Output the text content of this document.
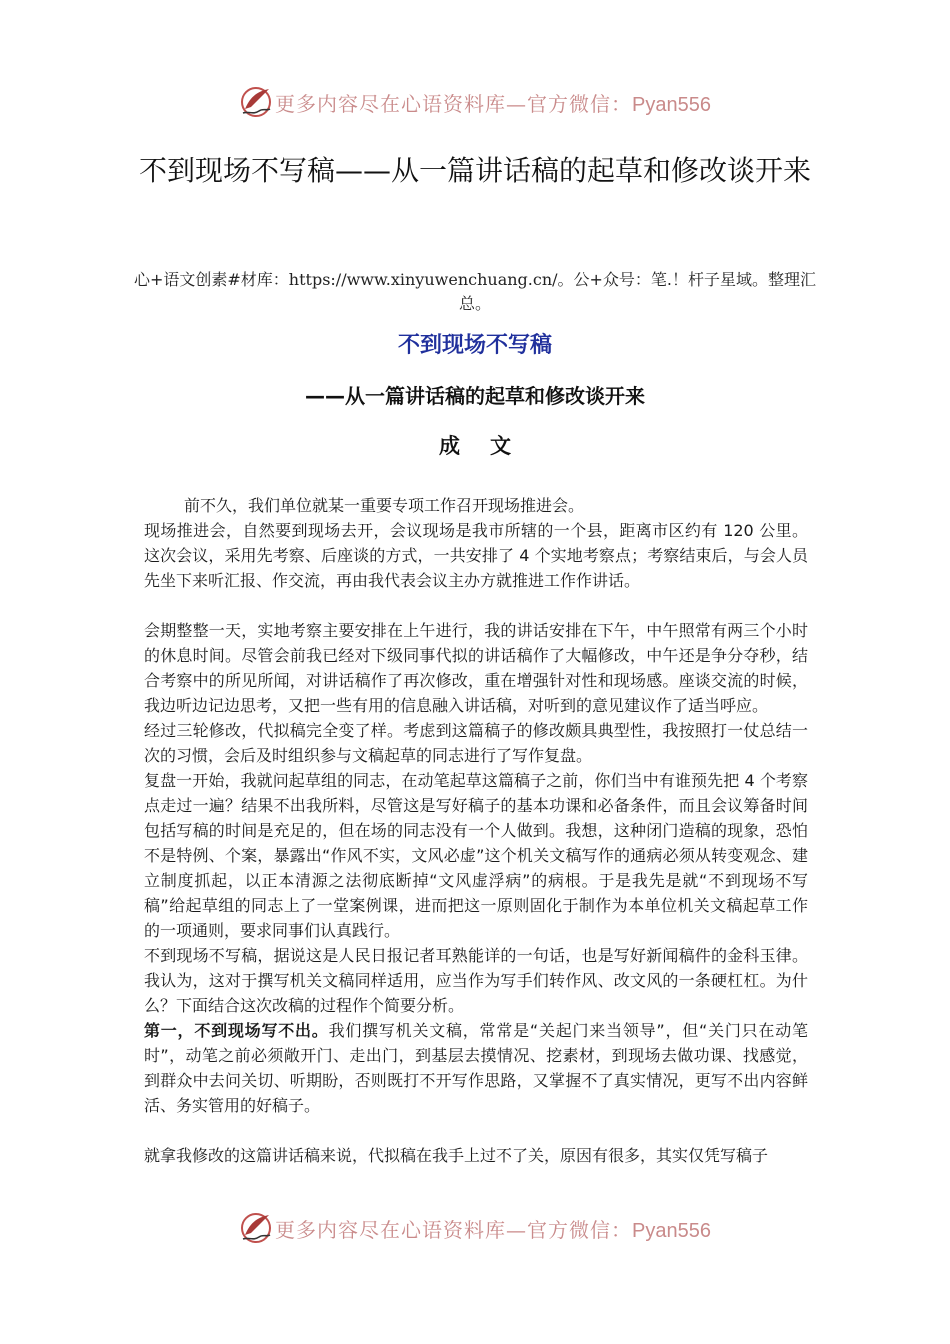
更多内容尽在心语资料库—官方微信：Pyan556
不到现场不写稿——从一篇讲话稿的起草和修改谈开来
心+语文创素#材库：https://www.xinyuwenchuang.cn/。公+众号：笔.！杆子星域。整理汇总。
不到现场不写稿
——从一篇讲话稿的起草和修改谈开来
成文

前不久，我们单位就某一重要专项工作召开现场推进会。

现场推进会，自然要到现场去开，会议现场是我市所辖的一个县，距离市区约有 120 公里。这次会议，采用先考察、后座谈的方式，一共安排了 4 个实地考察点；考察结束后，与会人员先坐下来听汇报、作交流，再由我代表会议主办方就推进工作作讲话。

会期整整一天，实地考察主要安排在上午进行，我的讲话安排在下午，中午照常有两三个小时的休息时间。尽管会前我已经对下级同事代拟的讲话稿作了大幅修改，中午还是争分夺秒，结合考察中的所见所闻，对讲话稿作了再次修改，重在增强针对性和现场感。座谈交流的时候，我边听边记边思考，又把一些有用的信息融入讲话稿，对听到的意见建议作了适当呼应。

经过三轮修改，代拟稿完全变了样。考虑到这篇稿子的修改颇具典型性，我按照打一仗总结一次的习惯，会后及时组织参与文稿起草的同志进行了写作复盘。

复盘一开始，我就问起草组的同志，在动笔起草这篇稿子之前，你们当中有谁预先把 4 个考察点走过一遍？结果不出我所料，尽管这是写好稿子的基本功课和必备条件，而且会议筹备时间包括写稿的时间是充足的，但在场的同志没有一个人做到。我想，这种闭门造稿的现象，恐怕不是特例、个案，暴露出“作风不实，文风必虚”这个机关文稿写作的通病必须从转变观念、建立制度抓起，以正本清源之法彻底断掉“文风虚浮病”的病根。于是我先是就“不到现场不写稿”给起草组的同志上了一堂案例课，进而把这一原则固化于制作为本单位机关文稿起草工作的一项通则，要求同事们认真践行。

不到现场不写稿，据说这是人民日报记者耳熟能详的一句话，也是写好新闻稿件的金科玉律。我认为，这对于撰写机关文稿同样适用，应当作为写手们转作风、改文风的一条硬杠杠。为什么？下面结合这次改稿的过程作个简要分析。

第一，不到现场写不出。我们撰写机关文稿，常常是“关起门来当领导”，但“关门只在动笔时”，动笔之前必须敞开门、走出门，到基层去摸情况、挖素材，到现场去做功课、找感觉，到群众中去问关切、听期盼，否则既打不开写作思路，又掌握不了真实情况，更写不出内容鲜活、务实管用的好稿子。

就拿我修改的这篇讲话稿来说，代拟稿在我手上过不了关，原因有很多，其实仅凭写稿子

更多内容尽在心语资料库—官方微信：Pyan556
